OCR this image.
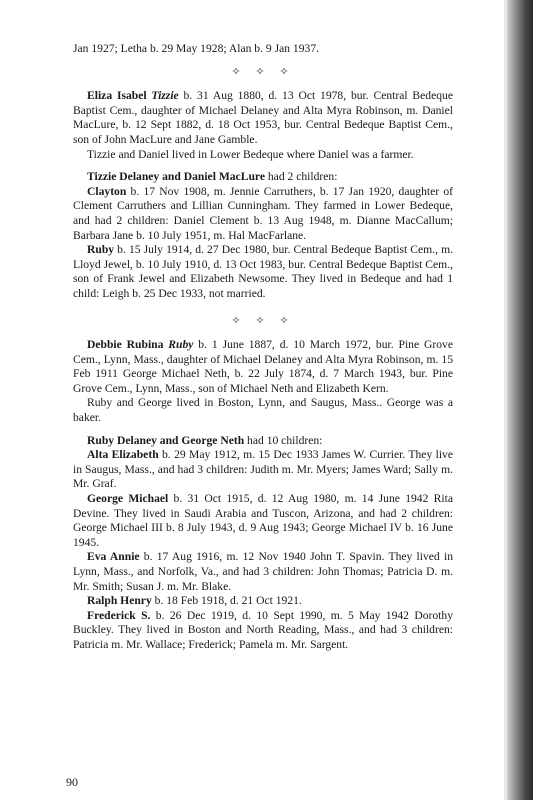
Jan 1927; Letha b. 29 May 1928; Alan b. 9 Jan 1937.

✧ ✧ ✧

Eliza Isabel Tizzie b. 31 Aug 1880, d. 13 Oct 1978, bur. Central Bedeque Baptist Cem., daughter of Michael Delaney and Alta Myra Robinson, m. Daniel MacLure, b. 12 Sept 1882, d. 18 Oct 1953, bur. Central Bedeque Baptist Cem., son of John MacLure and Jane Gamble.

Tizzie and Daniel lived in Lower Bedeque where Daniel was a farmer.

Tizzie Delaney and Daniel MacLure had 2 children:

Clayton b. 17 Nov 1908, m. Jennie Carruthers, b. 17 Jan 1920, daughter of Clement Carruthers and Lillian Cunningham. They farmed in Lower Bedeque, and had 2 children: Daniel Clement b. 13 Aug 1948, m. Dianne MacCallum; Barbara Jane b. 10 July 1951, m. Hal MacFarlane.

Ruby b. 15 July 1914, d. 27 Dec 1980, bur. Central Bedeque Baptist Cem., m. Lloyd Jewel, b. 10 July 1910, d. 13 Oct 1983, bur. Central Bedeque Baptist Cem., son of Frank Jewel and Elizabeth Newsome. They lived in Bedeque and had 1 child: Leigh b. 25 Dec 1933, not married.

✧ ✧ ✧

Debbie Rubina Ruby b. 1 June 1887, d. 10 March 1972, bur. Pine Grove Cem., Lynn, Mass., daughter of Michael Delaney and Alta Myra Robinson, m. 15 Feb 1911 George Michael Neth, b. 22 July 1874, d. 7 March 1943, bur. Pine Grove Cem., Lynn, Mass., son of Michael Neth and Elizabeth Kern.

Ruby and George lived in Boston, Lynn, and Saugus, Mass.. George was a baker.

Ruby Delaney and George Neth had 10 children:

Alta Elizabeth b. 29 May 1912, m. 15 Dec 1933 James W. Currier. They live in Saugus, Mass., and had 3 children: Judith m. Mr. Myers; James Ward; Sally m. Mr. Graf.

George Michael b. 31 Oct 1915, d. 12 Aug 1980, m. 14 June 1942 Rita Devine. They lived in Saudi Arabia and Tuscon, Arizona, and had 2 children: George Michael III b. 8 July 1943, d. 9 Aug 1943; George Michael IV b. 16 June 1945.

Eva Annie b. 17 Aug 1916, m. 12 Nov 1940 John T. Spavin. They lived in Lynn, Mass., and Norfolk, Va., and had 3 children: John Thomas; Patricia D. m. Mr. Smith; Susan J. m. Mr. Blake.

Ralph Henry b. 18 Feb 1918, d. 21 Oct 1921.

Frederick S. b. 26 Dec 1919, d. 10 Sept 1990, m. 5 May 1942 Dorothy Buckley. They lived in Boston and North Reading, Mass., and had 3 children: Patricia m. Mr. Wallace; Frederick; Pamela m. Mr. Sargent.

90
